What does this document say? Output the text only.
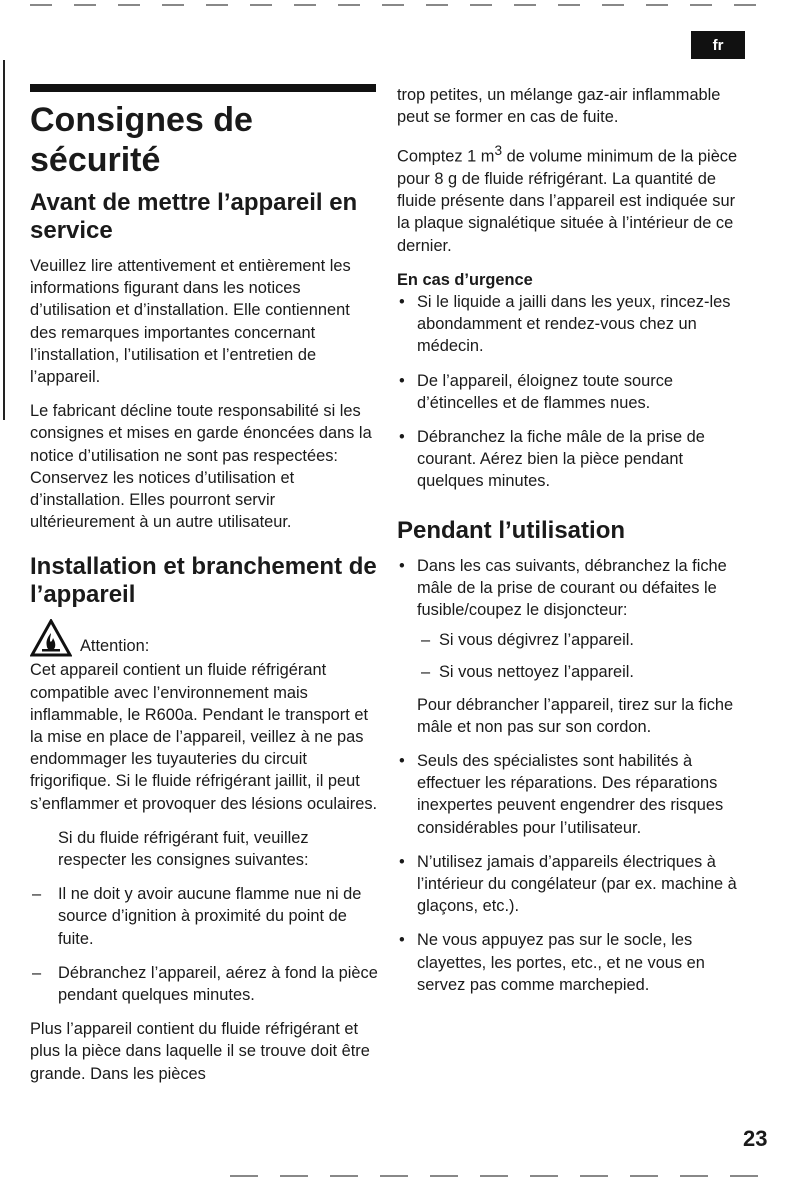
fr
Consignes de sécurité
Avant de mettre l’appareil en service

Veuillez lire attentivement et entièrement les informations figurant dans les notices d’utilisation et d’installation. Elle contiennent des remarques importantes concernant l’installation, l’utilisation et l’entretien de l’appareil.

Le fabricant décline toute responsabilité si les consignes et mises en garde énoncées dans la notice d’utilisation ne sont pas respectées:

Conservez les notices d’utilisation et d’installation. Elles pourront servir ultérieurement à un autre utilisateur.

Installation et branchement de l’appareil
Attention:

Cet appareil contient un fluide réfrigérant compatible avec l’environnement mais inflammable, le R600a. Pendant le transport et la mise en place de l’appareil, veillez à ne pas endommager les tuyauteries du circuit frigorifique. Si le fluide réfrigérant jaillit, il peut s’enflammer et provoquer des lésions oculaires.

Si du fluide réfrigérant fuit, veuillez respecter les consignes suivantes:

– Il ne doit y avoir aucune flamme nue ni de source d’ignition à proximité du point de fuite.
– Débranchez l’appareil, aérez à fond la pièce pendant quelques minutes.

Plus l’appareil contient du fluide réfrigérant et plus la pièce dans laquelle il se trouve doit être grande. Dans les pièces

trop petites, un mélange gaz-air inflammable peut se former en cas de fuite.

Comptez 1 $m^3$ de volume minimum de la pièce pour 8 g de fluide réfrigérant. La quantité de fluide présente dans l’appareil est indiquée sur la plaque signalétique située à l’intérieur de ce dernier.

En cas d’urgence
• Si le liquide a jailli dans les yeux, rincez-les abondamment et rendez-vous chez un médecin.
• De l’appareil, éloignez toute source d’étincelles et de flammes nues.
• Débranchez la fiche mâle de la prise de courant. Aérez bien la pièce pendant quelques minutes.
Pendant l’utilisation
• Dans les cas suivants, débranchez la fiche mâle de la prise de courant ou défaites le fusible/coupez le disjoncteur:
– Si vous dégivrez l’appareil.
– Si vous nettoyez l’appareil.
Pour débrancher l’appareil, tirez sur la fiche mâle et non pas sur son cordon.
• Seuls des spécialistes sont habilités à effectuer les réparations. Des réparations inexpertes peuvent engendrer des risques considérables pour l’utilisateur.
• N’utilisez jamais d’appareils électriques à l’intérieur du congélateur (par ex. machine à glaçons, etc.).
• Ne vous appuyez pas sur le socle, les clayettes, les portes, etc., et ne vous en servez pas comme marchepied.
23
